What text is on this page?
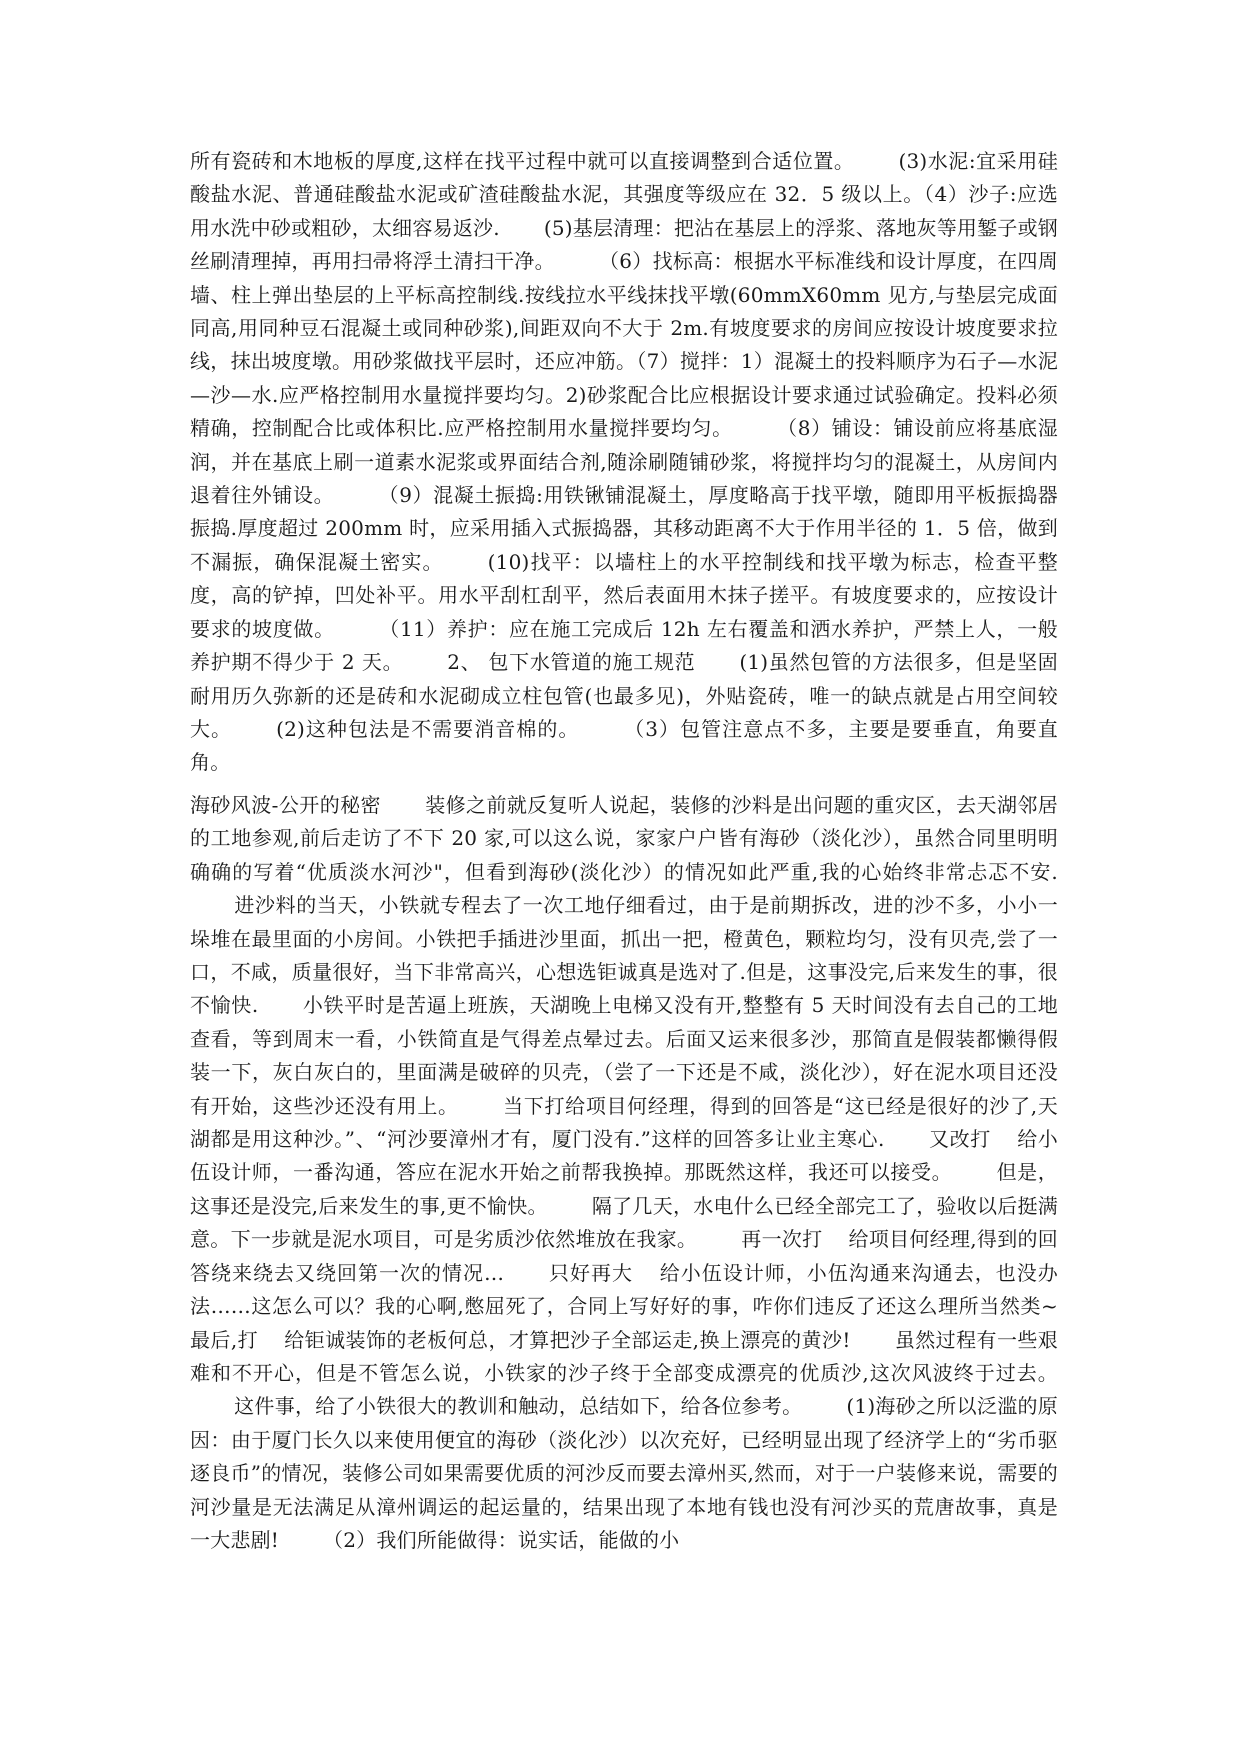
所有瓷砖和木地板的厚度,这样在找平过程中就可以直接调整到合适位置。 (3)水泥:宜采用硅酸盐水泥、普通硅酸盐水泥或矿渣硅酸盐水泥，其强度等级应在 32．5 级以上。（4）沙子:应选用水洗中砂或粗砂，太细容易返沙. (5)基层清理：把沾在基层上的浮浆、落地灰等用錾子或钢丝刷清理掉，再用扫帚将浮土清扫干净。 （6）找标高：根据水平标准线和设计厚度，在四周墙、柱上弹出垫层的上平标高控制线.按线拉水平线抹找平墩(60mmX60mm 见方,与垫层完成面同高,用同种豆石混凝土或同种砂浆),间距双向不大于 2m.有坡度要求的房间应按设计坡度要求拉线，抹出坡度墩。用砂浆做找平层时，还应冲筋。（7）搅拌：1）混凝土的投料顺序为石子—水泥—沙—水.应严格控制用水量搅拌要均匀。2)砂浆配合比应根据设计要求通过试验确定。投料必须精确，控制配合比或体积比.应严格控制用水量搅拌要均匀。 （8）铺设：铺设前应将基底湿润，并在基底上刷一道素水泥浆或界面结合剂,随涂刷随铺砂浆，将搅拌均匀的混凝土，从房间内退着往外铺设。 （9）混凝土振捣:用铁锹铺混凝土，厚度略高于找平墩，随即用平板振捣器振捣.厚度超过 200mm 时，应采用插入式振捣器，其移动距离不大于作用半径的 1．5 倍，做到不漏振，确保混凝土密实。 (10)找平：以墙柱上的水平控制线和找平墩为标志，检查平整度，高的铲掉，凹处补平。用水平刮杠刮平，然后表面用木抹子搓平。有坡度要求的，应按设计要求的坡度做。 （11）养护：应在施工完成后 12h 左右覆盖和洒水养护，严禁上人，一般养护期不得少于 2 天。 2、 包下水管道的施工规范 (1)虽然包管的方法很多，但是坚固耐用历久弥新的还是砖和水泥砌成立柱包管(也最多见)，外贴瓷砖，唯一的缺点就是占用空间较大。 (2)这种包法是不需要消音棉的。 （3）包管注意点不多，主要是要垂直，角要直角。
海砂风波-公开的秘密 装修之前就反复听人说起，装修的沙料是出问题的重灾区，去天湖邻居的工地参观,前后走访了不下 20 家,可以这么说，家家户户皆有海砂（淡化沙），虽然合同里明明确确的写着“优质淡水河沙"，但看到海砂(淡化沙）的情况如此严重,我的心始终非常忐忑不安.进沙料的当天，小铁就专程去了一次工地仔细看过，由于是前期拆改，进的沙不多，小小一垛堆在最里面的小房间。小铁把手插进沙里面，抓出一把，橙黄色，颗粒均匀，没有贝壳,尝了一口，不咸，质量很好，当下非常高兴，心想选钜诚真是选对了.但是，这事没完,后来发生的事，很不愉快. 小铁平时是苦逼上班族，天湖晚上电梯又没有开,整整有 5 天时间没有去自己的工地查看，等到周末一看，小铁简直是气得差点晕过去。后面又运来很多沙，那简直是假装都懒得假装一下，灰白灰白的，里面满是破碎的贝壳，（尝了一下还是不咸，淡化沙），好在泥水项目还没有开始，这些沙还没有用上。 当下打给项目何经理，得到的回答是“这已经是很好的沙了,天湖都是用这种沙。”、“河沙要漳州才有，厦门没有.”这样的回答多让业主寒心. 又改打 给小伍设计师，一番沟通，答应在泥水开始之前帮我换掉。那既然这样，我还可以接受。 但是，这事还是没完,后来发生的事,更不愉快。 隔了几天，水电什么已经全部完工了，验收以后挺满意。下一步就是泥水项目，可是劣质沙依然堆放在我家。 再一次打 给项目何经理,得到的回答绕来绕去又绕回第一次的情况… 只好再大 给小伍设计师，小伍沟通来沟通去，也没办法……这怎么可以？我的心啊,憋屈死了，合同上写好好的事，咋你们违反了还这么理所当然类~最后,打 给钜诚装饰的老板何总，才算把沙子全部运走,换上漂亮的黄沙! 虽然过程有一些艰难和不开心，但是不管怎么说，小铁家的沙子终于全部变成漂亮的优质沙,这次风波终于过去。这件事，给了小铁很大的教训和触动，总结如下，给各位参考。 (1)海砂之所以泛滥的原因：由于厦门长久以来使用便宜的海砂（淡化沙）以次充好，已经明显出现了经济学上的“劣币驱逐良币”的情况，装修公司如果需要优质的河沙反而要去漳州买,然而，对于一户装修来说，需要的河沙量是无法满足从漳州调运的起运量的，结果出现了本地有钱也没有河沙买的荒唐故事，真是一大悲剧! （2）我们所能做得：说实话，能做的小
